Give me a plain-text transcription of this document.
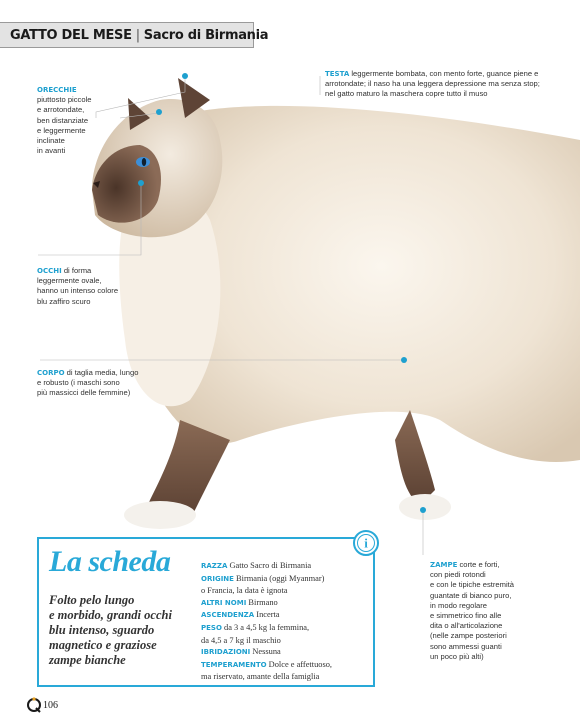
GATTO DEL MESE | Sacro di Birmania
TESTA leggermente bombata, con mento forte, guance piene e arrotondate; il naso ha una leggera depressione ma senza stop; nel gatto maturo la maschera copre tutto il muso
ORECCHIE
piuttosto piccole
e arrotondate,
ben distanziate
e leggermente
inclinate
in avanti
OCCHI di forma
leggermente ovale,
hanno un intenso colore
blu zaffiro scuro
CORPO di taglia media, lungo
e robusto (i maschi sono
più massicci delle femmine)
ZAMPE corte e forti,
con piedi rotondi
e con le tipiche estremità
guantate di bianco puro,
in modo regolare
e simmetrico fino alle
dita o all'articolazione
(nelle zampe posteriori
sono ammessi guanti
un poco più alti)
i
La scheda
Folto pelo lungo
e morbido, grandi occhi
blu intenso, sguardo
magnetico e graziose
zampe bianche
RAZZA Gatto Sacro di Birmania
ORIGINE Birmania (oggi Myanmar)
o Francia, la data è ignota
ALTRI NOMI Birmano
ASCENDENZA Incerta
PESO da 3 a 4,5 kg la femmina,
da 4,5 a 7 kg il maschio
IBRIDAZIONI Nessuna
TEMPERAMENTO Dolce e affettuoso,
ma riservato, amante della famiglia
106
